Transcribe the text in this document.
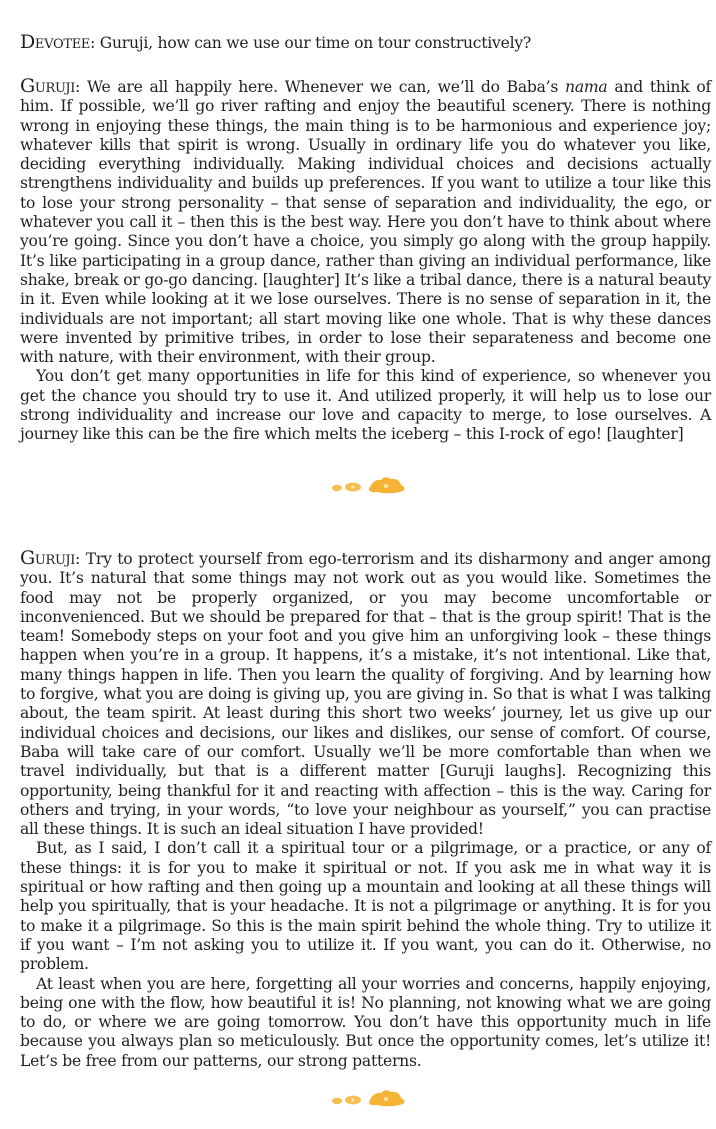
Devotee: Guruji, how can we use our time on tour constructively?

Guruji: We are all happily here. Whenever we can, we’ll do Baba’s nama and think of him. If possible, we’ll go river rafting and enjoy the beautiful scenery. There is nothing wrong in enjoying these things, the main thing is to be harmonious and experience joy; whatever kills that spirit is wrong. Usually in ordinary life you do whatever you like, deciding everything individually. Making individual choices and decisions actually strengthens individuality and builds up preferences. If you want to utilize a tour like this to lose your strong personality – that sense of separation and individuality, the ego, or whatever you call it – then this is the best way. Here you don’t have to think about where you’re going. Since you don’t have a choice, you simply go along with the group happily. It’s like participating in a group dance, rather than giving an individual performance, like shake, break or go-go dancing. [laughter] It’s like a tribal dance, there is a natural beauty in it. Even while looking at it we lose ourselves. There is no sense of separation in it, the individuals are not important; all start moving like one whole. That is why these dances were invented by primitive tribes, in order to lose their separateness and become one with nature, with their environment, with their group.

You don’t get many opportunities in life for this kind of experience, so whenever you get the chance you should try to use it. And utilized properly, it will help us to lose our strong individuality and increase our love and capacity to merge, to lose ourselves. A journey like this can be the fire which melts the iceberg – this I-rock of ego! [laughter]

Guruji: Try to protect yourself from ego-terrorism and its disharmony and anger among you. It’s natural that some things may not work out as you would like. Sometimes the food may not be properly organized, or you may become uncomfortable or inconvenienced. But we should be prepared for that – that is the group spirit! That is the team! Somebody steps on your foot and you give him an unforgiving look – these things happen when you’re in a group. It happens, it’s a mistake, it’s not intentional. Like that, many things happen in life. Then you learn the quality of forgiving. And by learning how to forgive, what you are doing is giving up, you are giving in. So that is what I was talking about, the team spirit. At least during this short two weeks’ journey, let us give up our individual choices and decisions, our likes and dislikes, our sense of comfort. Of course, Baba will take care of our comfort. Usually we’ll be more comfortable than when we travel individually, but that is a different matter [Guruji laughs]. Recognizing this opportunity, being thankful for it and reacting with affection – this is the way. Caring for others and trying, in your words, “to love your neighbour as yourself,” you can practise all these things. It is such an ideal situation I have provided!

But, as I said, I don’t call it a spiritual tour or a pilgrimage, or a practice, or any of these things: it is for you to make it spiritual or not. If you ask me in what way it is spiritual or how rafting and then going up a mountain and looking at all these things will help you spiritually, that is your headache. It is not a pilgrimage or anything. It is for you to make it a pilgrimage. So this is the main spirit behind the whole thing. Try to utilize it if you want – I’m not asking you to utilize it. If you want, you can do it. Otherwise, no problem.

At least when you are here, forgetting all your worries and concerns, happily enjoying, being one with the flow, how beautiful it is! No planning, not knowing what we are going to do, or where we are going tomorrow. You don’t have this opportunity much in life because you always plan so meticulously. But once the opportunity comes, let’s utilize it! Let’s be free from our patterns, our strong patterns.
